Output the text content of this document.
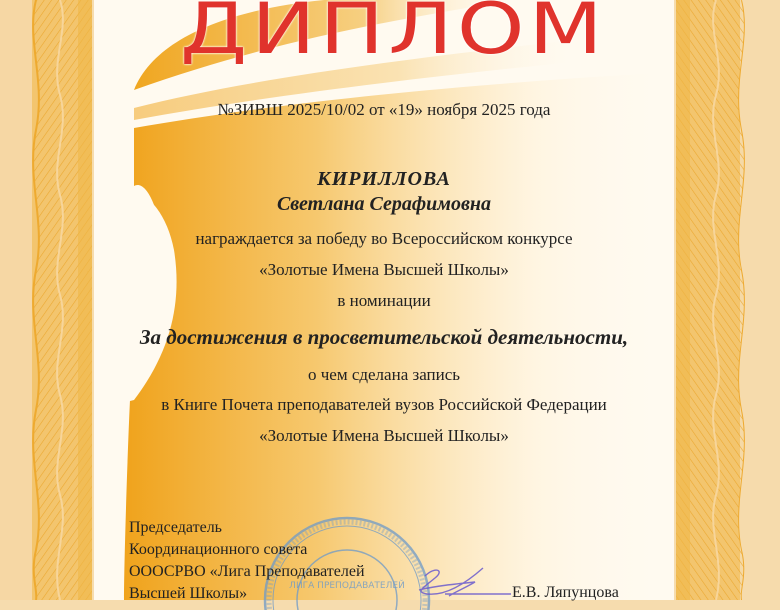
ДИПЛОМ
№ЗИВШ 2025/10/02 от «19» ноября 2025 года
КИРИЛЛОВА
Светлана Серафимовна
награждается за победу во Всероссийском конкурсе
«Золотые Имена Высшей Школы»
в номинации
За достижения в просветительской деятельности,
о чем сделана запись
в Книге Почета преподавателей вузов Российской Федерации
«Золотые Имена Высшей Школы»
ЛИГА ПРЕПОДАВАТЕЛЕЙ
Председатель
Координационного совета
ОООСРВО «Лига Преподавателей
Высшей Школы»	Е.В. Ляпунцова
